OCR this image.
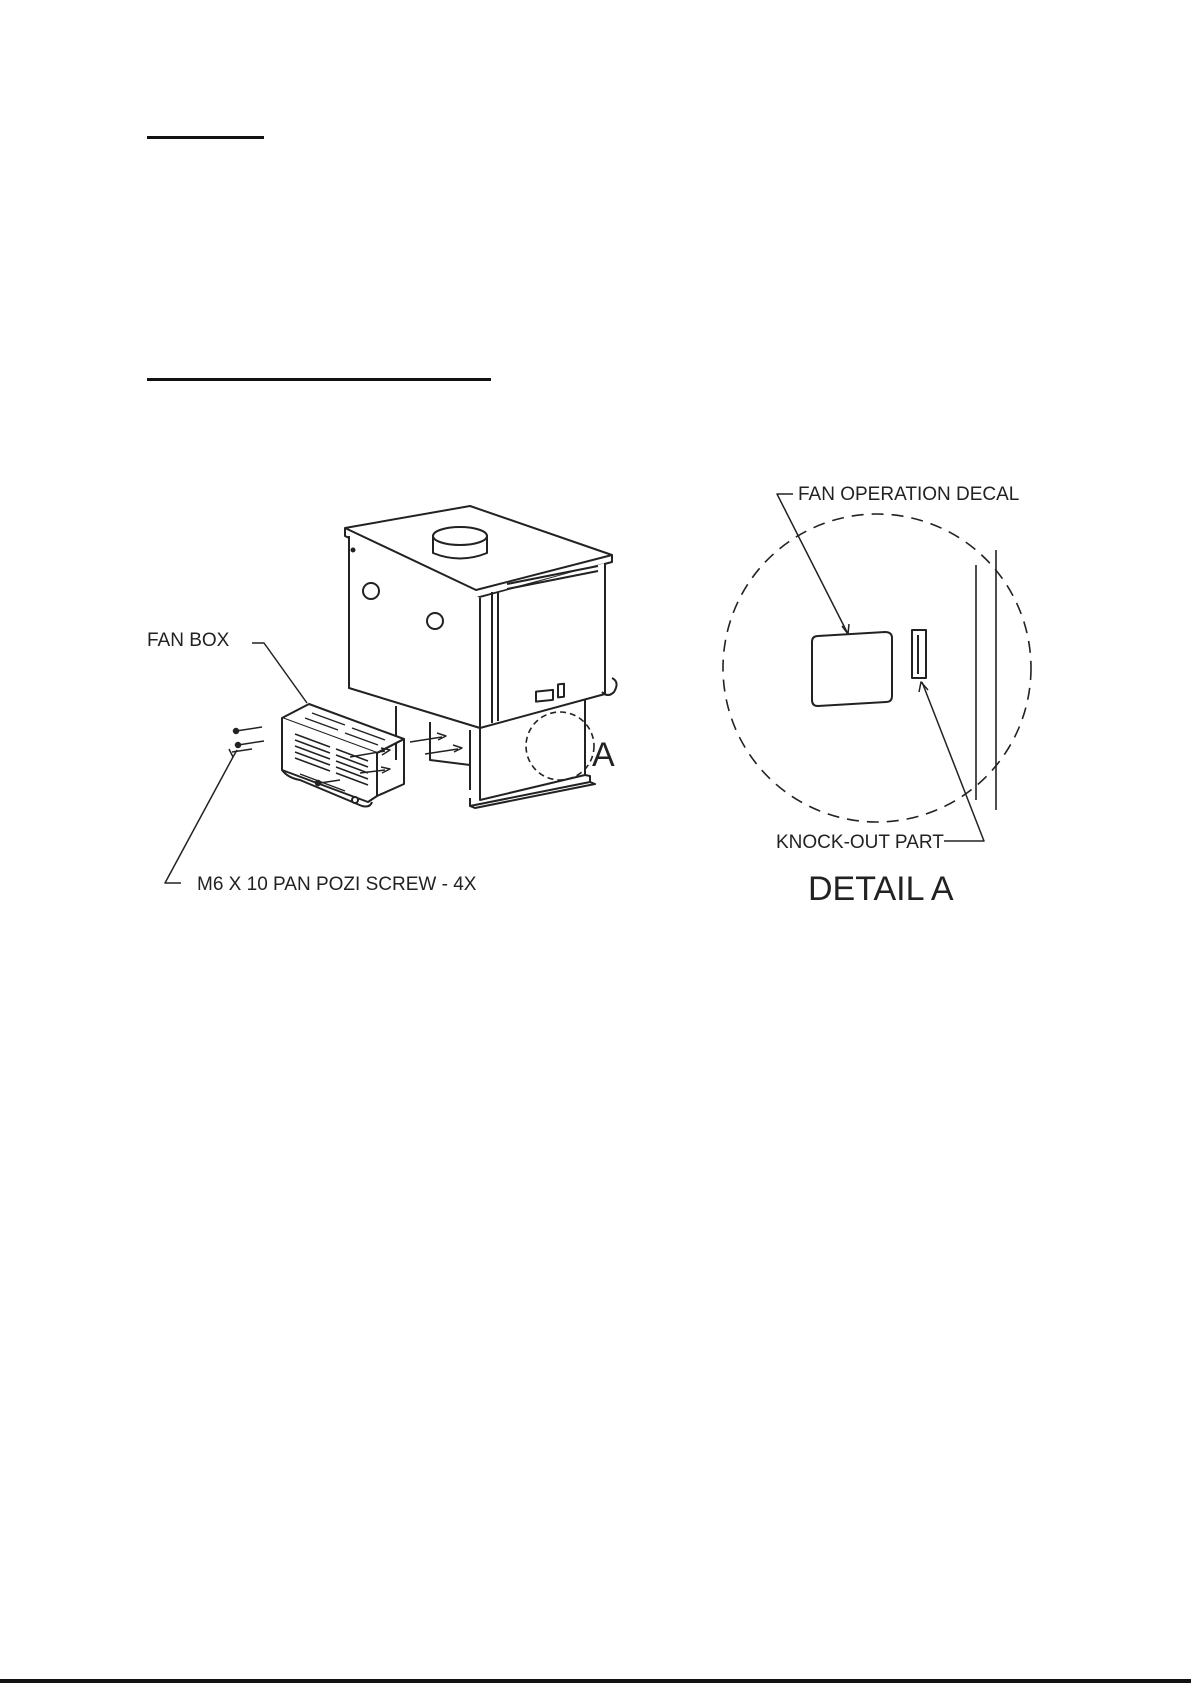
FAN BOX
M6 X 10 PAN POZI SCREW - 4X
A
FAN OPERATION DECAL
KNOCK-OUT PART
DETAIL A
